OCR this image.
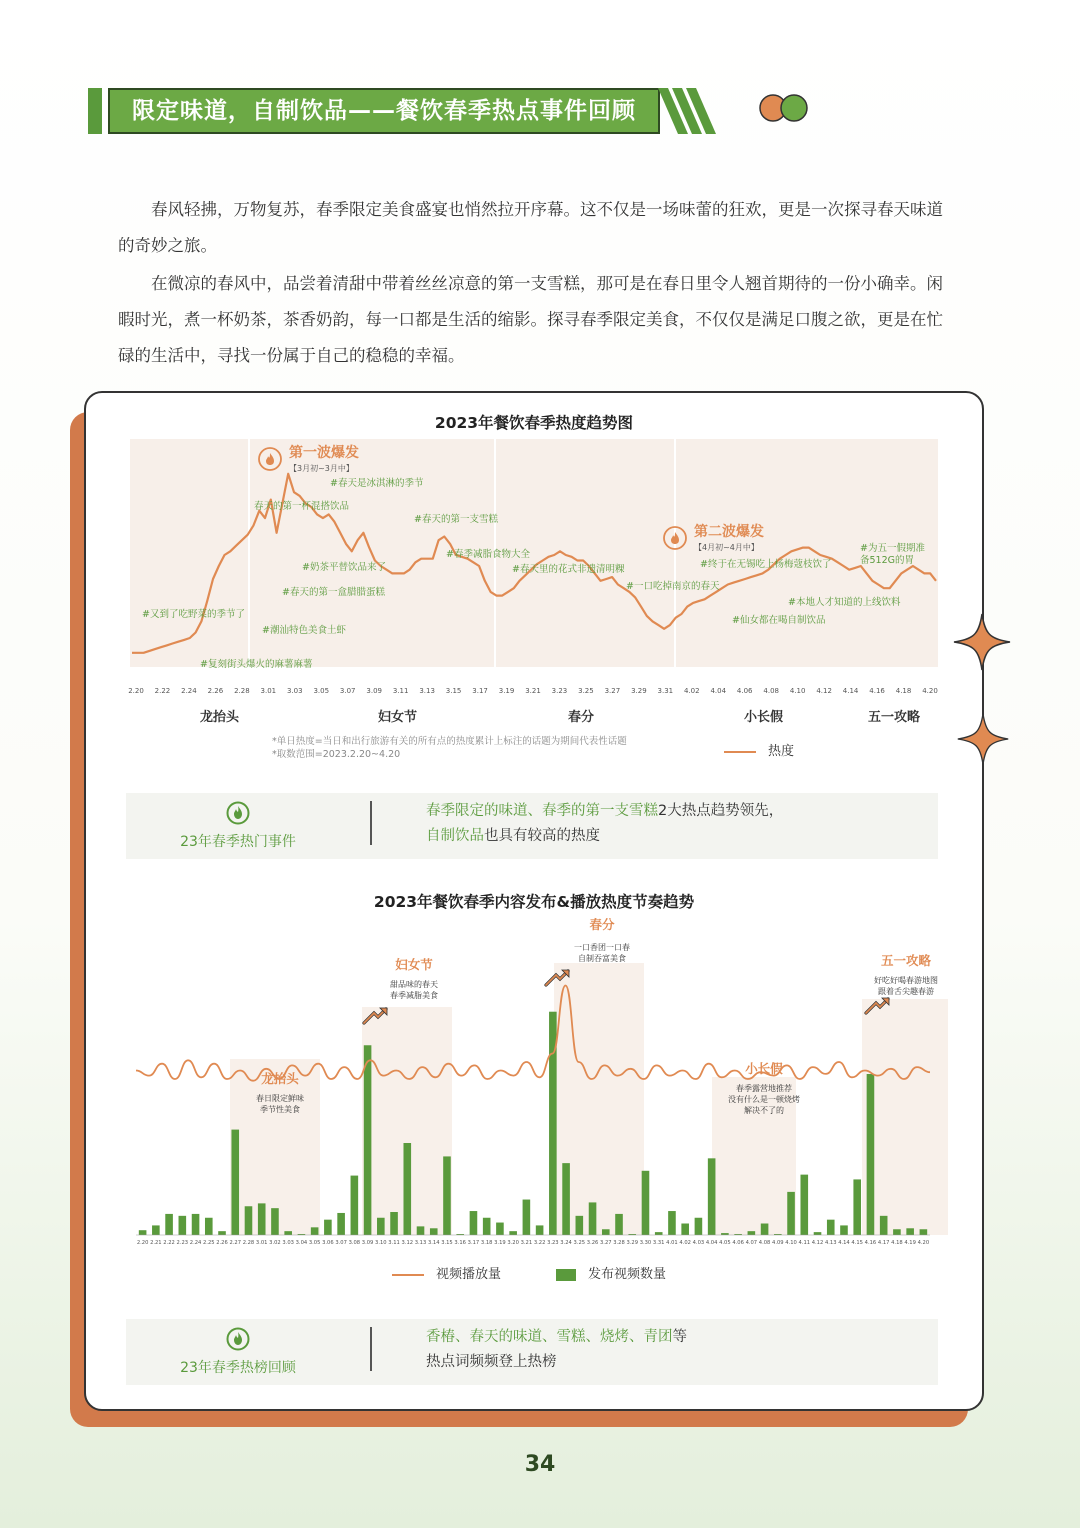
限定味道，自制饮品——餐饮春季热点事件回顾

春风轻拂，万物复苏，春季限定美食盛宴也悄然拉开序幕。这不仅是一场味蕾的狂欢，更是一次探寻春天味道的奇妙之旅。

在微凉的春风中，品尝着清甜中带着丝丝凉意的第一支雪糕，那可是在春日里令人翘首期待的一份小确幸。闲暇时光，煮一杯奶茶，茶香奶韵，每一口都是生活的缩影。探寻春季限定美食，不仅仅是满足口腹之欲，更是在忙碌的生活中，寻找一份属于自己的稳稳的幸福。

2023年餐饮春季热度趋势图
2.20 2.22 2.24 2.26 2.28 3.01 3.03 3.05 3.07 3.09 3.11 3.13 3.15 3.17 3.19 3.21 3.23 3.25 3.27 3.29 3.31 4.02 4.04 4.06 4.08 4.10 4.12 4.14 4.16 4.18 4.20
第一波爆发
【3月初~3月中】
第二波爆发
【4月初~4月中】
#复刻街头爆火的麻薯麻薯
#又到了吃野菜的季节了
#潮汕特色美食土虾
#春天的第一盒腊腊蛋糕
#奶茶平替饮品来了
春天的第一杯混搭饮品
#春天是冰淇淋的季节
#春天的第一支雪糕
#春季减脂食物大全
#春天里的花式非遗清明粿
#一口吃掉南京的春天
#终于在无锡吃上杨梅蔻枝饮了
#仙女都在喝自制饮品
#本地人才知道的上线饮料
#为五一假期准
备512G的胃
龙抬头	妇女节	春分	小长假	五一攻略
*单日热度=当日和出行旅游有关的所有点的热度累计上标注的话题为期间代表性话题
*取数范围=2023.2.20~4.20	热度
23年春季热门事件
春季限定的味道、春季的第一支雪糕2大热点趋势领先，
自制饮品也具有较高的热度
2023年餐饮春季内容发布&播放热度节奏趋势
2.20 2.21 2.22 2.23 2.24 2.25 2.26 2.27 2.28 3.01 3.02 3.03 3.04 3.05 3.06 3.07 3.08 3.09 3.10 3.11 3.12 3.13 3.14 3.15 3.16 3.17 3.18 3.19 3.20 3.21 3.22 3.23 3.24 3.25 3.26 3.27 3.28 3.29 3.30 3.31 4.01 4.02 4.03 4.04 4.05 4.06 4.07 4.08 4.09 4.10 4.11 4.12 4.13 4.14 4.15 4.16 4.17 4.18 4.19 4.20
龙抬头
春日限定鲜味
季节性美食
妇女节
甜品味的春天
春季减脂美食
春分
一口香团一口春
自制吞富美食
小长假
春季露营地推荐
没有什么是一顿烧烤
解决不了的
五一攻略
好吃好喝春游地图
跟着舌尖趣春游
视频播放量	发布视频数量
23年春季热榜回顾
香椿、春天的味道、雪糕、烧烤、青团等
热点词频频登上热榜
34
